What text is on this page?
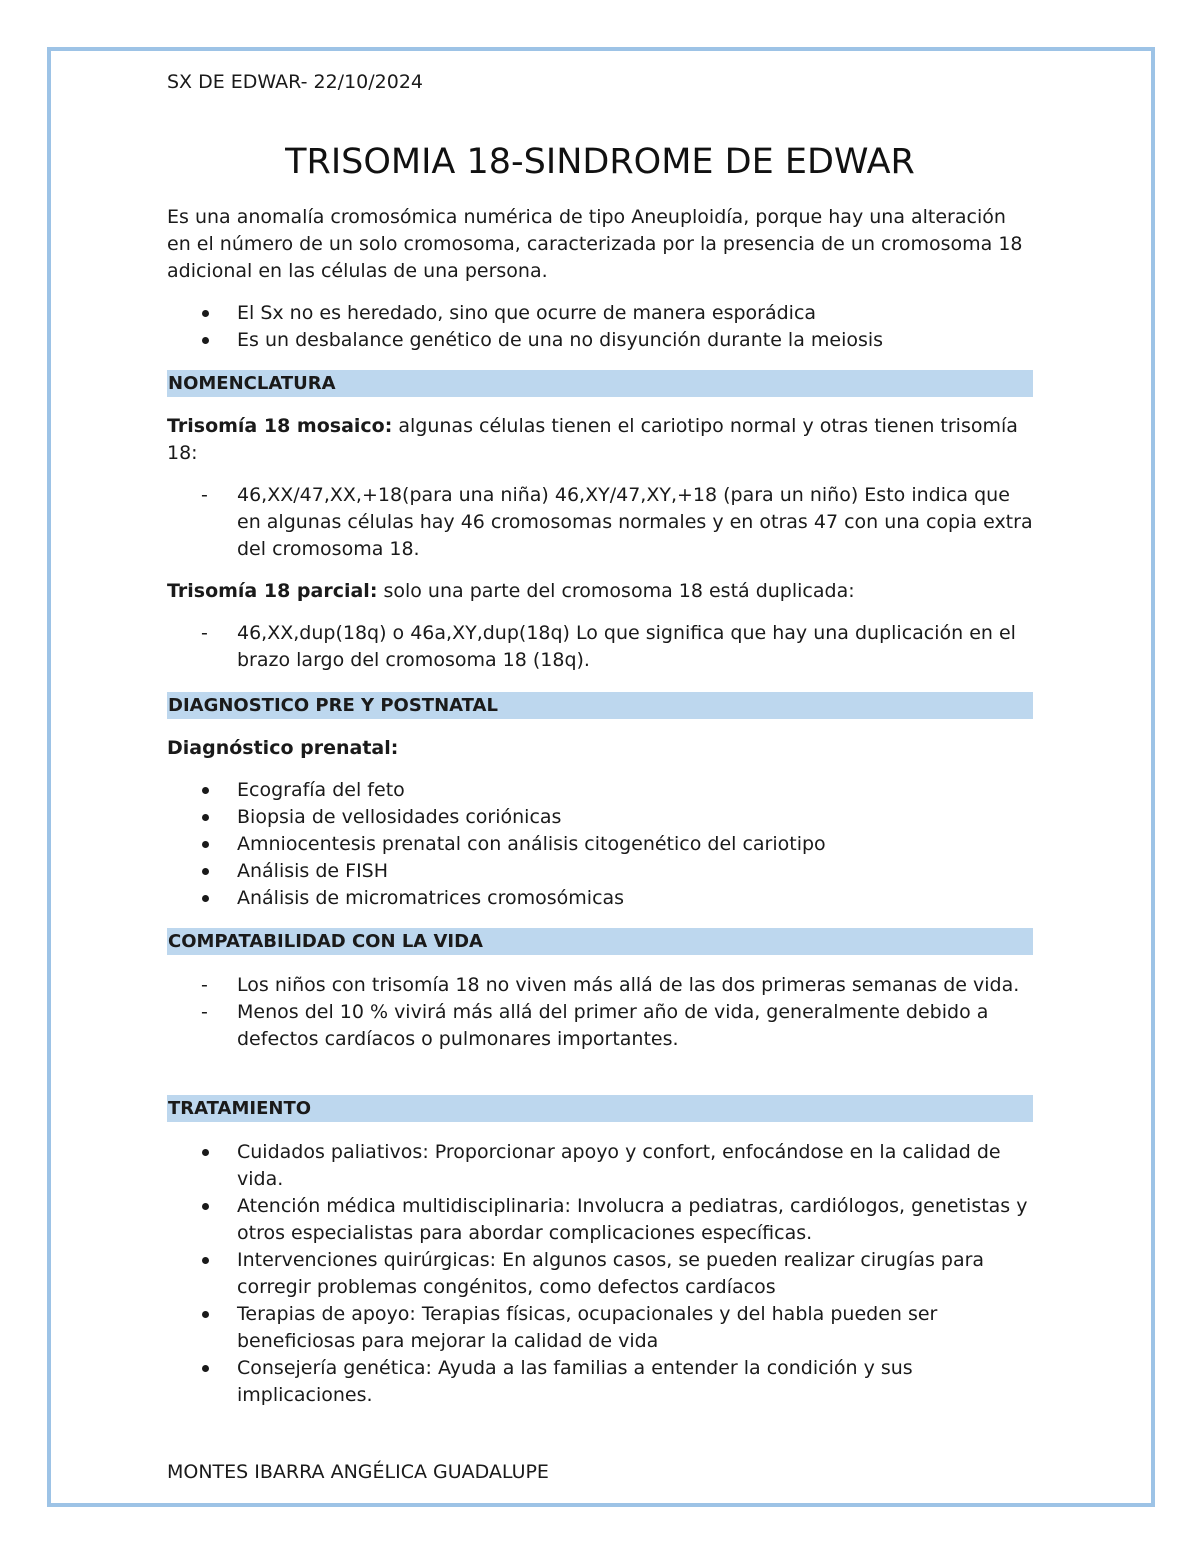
SX DE EDWAR- 22/10/2024
TRISOMIA 18-SINDROME DE EDWAR

Es una anomalía cromosómica numérica de tipo Aneuploidía, porque hay una alteración en el número de un solo cromosoma, caracterizada por la presencia de un cromosoma 18 adicional en las células de una persona.

El Sx no es heredado, sino que ocurre de manera esporádica
Es un desbalance genético de una no disyunción durante la meiosis
NOMENCLATURA

Trisomía 18 mosaico: algunas células tienen el cariotipo normal y otras tienen trisomía 18:

- 46,XX/47,XX,+18(para una niña) 46,XY/47,XY,+18 (para un niño) Esto indica que en algunas células hay 46 cromosomas normales y en otras 47 con una copia extra del cromosoma 18.

Trisomía 18 parcial: solo una parte del cromosoma 18 está duplicada:

- 46,XX,dup(18q) o 46a,XY,dup(18q) Lo que significa que hay una duplicación en el brazo largo del cromosoma 18 (18q).
DIAGNOSTICO PRE Y POSTNATAL

Diagnóstico prenatal:

Ecografía del feto
Biopsia de vellosidades coriónicas
Amniocentesis prenatal con análisis citogenético del cariotipo
Análisis de FISH
Análisis de micromatrices cromosómicas
COMPATABILIDAD CON LA VIDA
- Los niños con trisomía 18 no viven más allá de las dos primeras semanas de vida.
- Menos del 10 % vivirá más allá del primer año de vida, generalmente debido a defectos cardíacos o pulmonares importantes.
TRATAMIENTO
Cuidados paliativos: Proporcionar apoyo y confort, enfocándose en la calidad de vida.
Atención médica multidisciplinaria: Involucra a pediatras, cardiólogos, genetistas y otros especialistas para abordar complicaciones específicas.
Intervenciones quirúrgicas: En algunos casos, se pueden realizar cirugías para corregir problemas congénitos, como defectos cardíacos
Terapias de apoyo: Terapias físicas, ocupacionales y del habla pueden ser beneficiosas para mejorar la calidad de vida
Consejería genética: Ayuda a las familias a entender la condición y sus implicaciones.
MONTES IBARRA ANGÉLICA GUADALUPE
